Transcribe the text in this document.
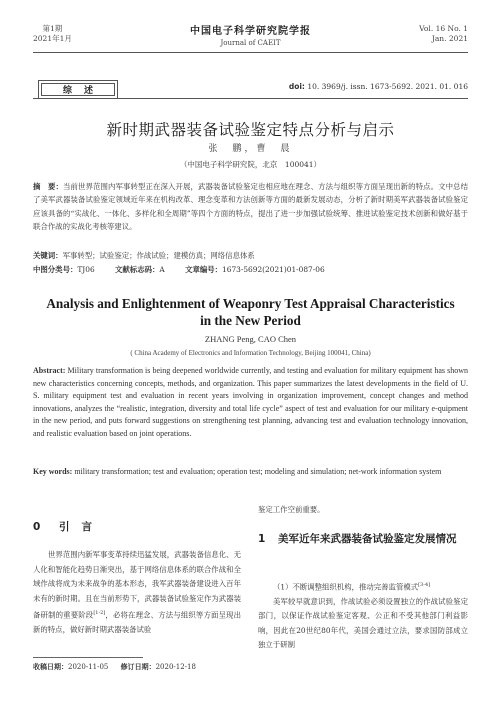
第1期
2021年1月
中国电子科学研究院学报
Journal of CAEIT
Vol. 16 No. 1
Jan. 2021
综述	doi: 10. 3969/j. issn. 1673-5692. 2021. 01. 016
新时期武器装备试验鉴定特点分析与启示
张　鹏，曹　晨
（中国电子科学研究院，北京　100041）
摘　要：当前世界范围内军事转型正在深入开展，武器装备试验鉴定也相应地在理念、方法与组织等方面呈现出新的特点。文中总结了美军武器装备试验鉴定领域近年来在机构改革、理念变革和方法创新等方面的最新发展动态，分析了新时期美军武器装备试验鉴定应该具备的“实战化、一体化、多样化和全周期”等四个方面的特点，提出了进一步加强试验统筹、推进试验鉴定技术创新和做好基于联合作战的实战化考核等建议。
关键词：军事转型；试验鉴定；作战试验；建模仿真；网络信息体系
中图分类号：TJ06	文献标志码：A	文章编号：1673-5692(2021)01-087-06
Analysis and Enlightenment of Weaponry Test Appraisal Characteristics in the New Period
ZHANG Peng, CAO Chen
( China Academy of Electronics and Information Technology, Beijing 100041, China)
Abstract: Military transformation is being deepened worldwide currently, and testing and evaluation for military equipment has shown new characteristics concerning concepts, methods, and organization. This paper summarizes the latest developments in the field of U. S. military equipment test and evaluation in recent years involving in organization improvement, concept changes and method innovations, analyzes the “realistic, integration, diversity and total life cycle” aspect of test and evaluation for our military e-quipment in the new period, and puts forward suggestions on strengthening test planning, advancing test and evaluation technology innovation, and realistic evaluation based on joint operations.
Key words: military transformation; test and evaluation; operation test; modeling and simulation; net-work information system
0 引言
世界范围内新军事变革持续迅猛发展，武器装备信息化、无人化和智能化趋势日渐突出，基于网络信息体系的联合作战和全域作战将成为未来战争的基本形态，我军武器装备建设进入百年未有的新时期。且在当前形势下，武器装备试验鉴定作为武器装备研制的重要阶段[1-2]，必将在理念、方法与组织等方面呈现出新的特点，做好新时期武器装备试验
鉴定工作空前重要。
1	美军近年来武器装备试验鉴定发展情况
（1）不断调整组织机构，推动完善监管模式[3-4]
美军较早就意识到，作战试验必须设置独立的作战试验鉴定部门，以保证作战试验鉴定客观、公正和不受其他部门利益影响，因此在20世纪80年代，美国会通过立法，要求国防部成立独立于研制
收稿日期：2020-11-05 修订日期：2020-12-18
